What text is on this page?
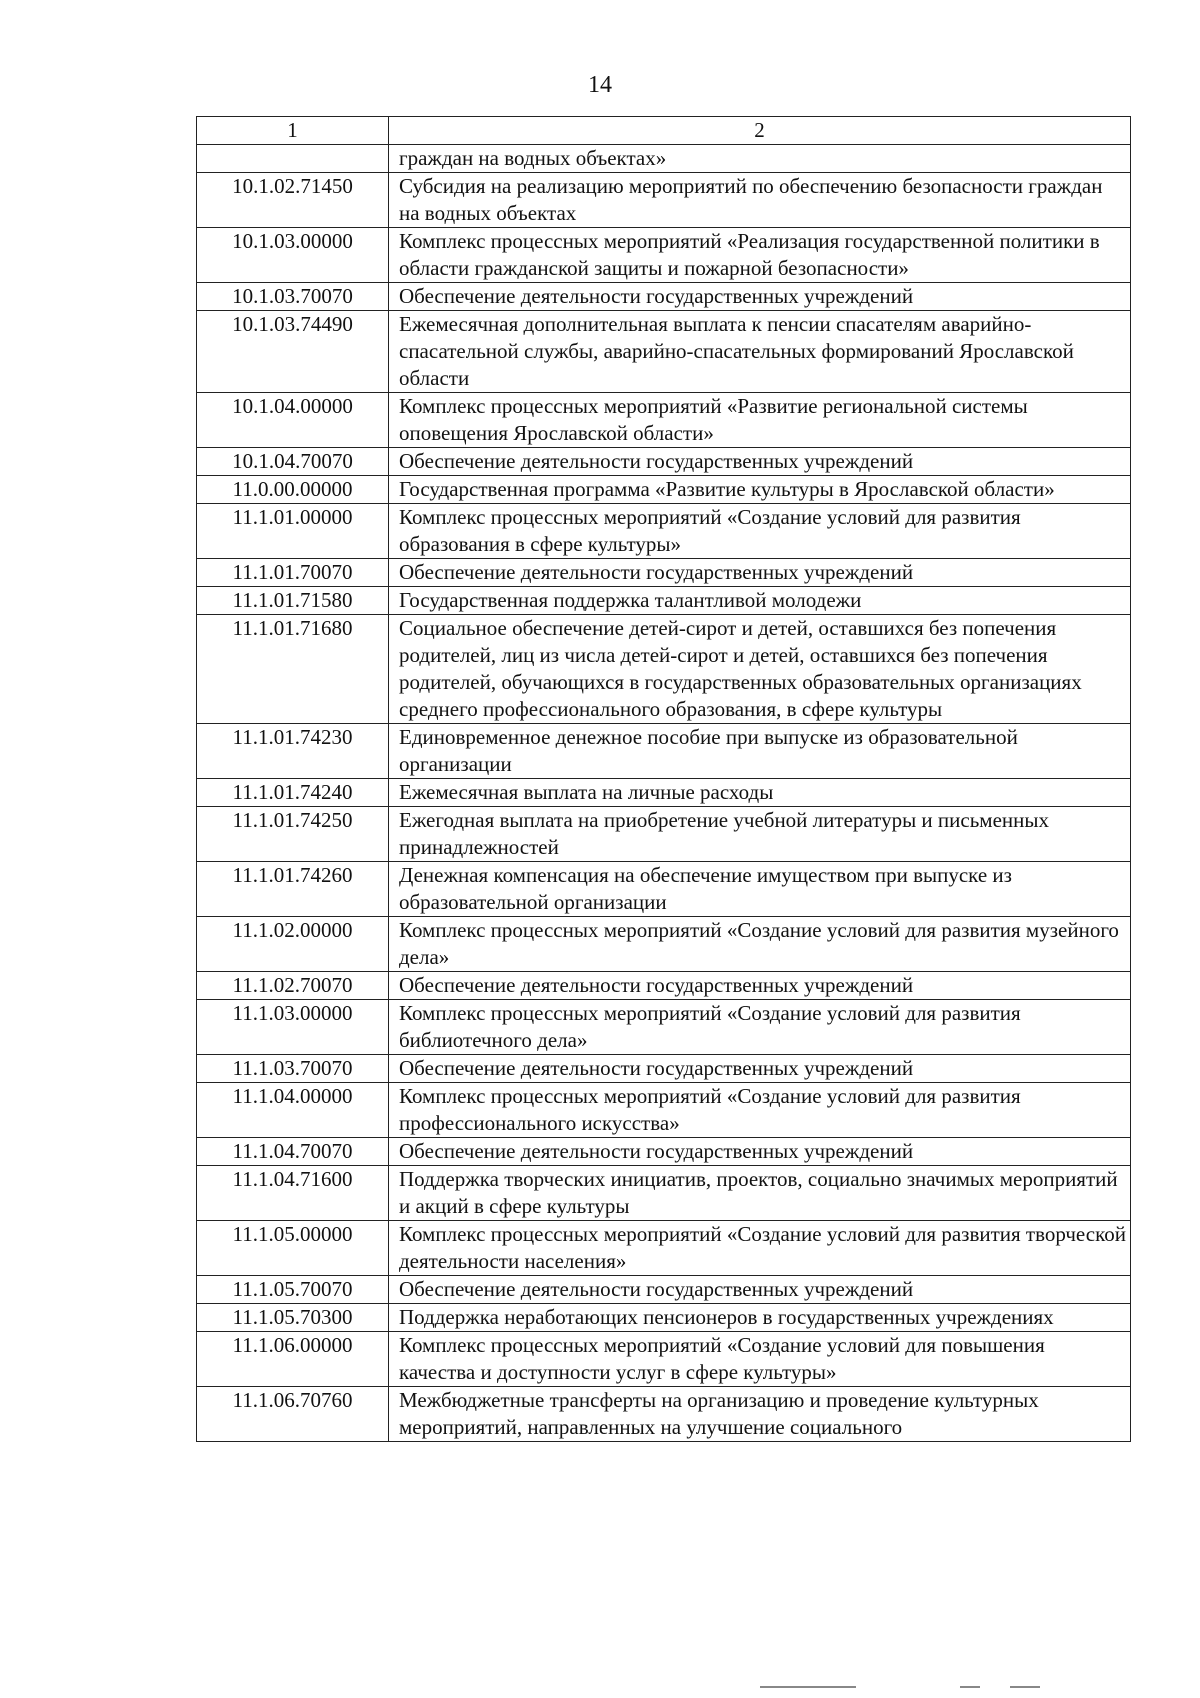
14
1	2
	граждан на водных объектах»
10.1.02.71450	Субсидия на реализацию мероприятий по обеспечению безопасности граждан на водных объектах
10.1.03.00000	Комплекс процессных мероприятий «Реализация государственной политики в области гражданской защиты и пожарной безопасности»
10.1.03.70070	Обеспечение деятельности государственных учреждений
10.1.03.74490	Ежемесячная дополнительная выплата к пенсии спасателям аварийно-спасательной службы, аварийно-спасательных формирований Ярославской области
10.1.04.00000	Комплекс процессных мероприятий «Развитие региональной системы оповещения Ярославской области»
10.1.04.70070	Обеспечение деятельности государственных учреждений
11.0.00.00000	Государственная программа «Развитие культуры в Ярославской области»
11.1.01.00000	Комплекс процессных мероприятий «Создание условий для развития образования в сфере культуры»
11.1.01.70070	Обеспечение деятельности государственных учреждений
11.1.01.71580	Государственная поддержка талантливой молодежи
11.1.01.71680	Социальное обеспечение детей-сирот и детей, оставшихся без попечения родителей, лиц из числа детей-сирот и детей, оставшихся без попечения родителей, обучающихся в государственных образовательных организациях среднего профессионального образования, в сфере культуры
11.1.01.74230	Единовременное денежное пособие при выпуске из образовательной организации
11.1.01.74240	Ежемесячная выплата на личные расходы
11.1.01.74250	Ежегодная выплата на приобретение учебной литературы и письменных принадлежностей
11.1.01.74260	Денежная компенсация на обеспечение имуществом при выпуске из образовательной организации
11.1.02.00000	Комплекс процессных мероприятий «Создание условий для развития музейного дела»
11.1.02.70070	Обеспечение деятельности государственных учреждений
11.1.03.00000	Комплекс процессных мероприятий «Создание условий для развития библиотечного дела»
11.1.03.70070	Обеспечение деятельности государственных учреждений
11.1.04.00000	Комплекс процессных мероприятий «Создание условий для развития профессионального искусства»
11.1.04.70070	Обеспечение деятельности государственных учреждений
11.1.04.71600	Поддержка творческих инициатив, проектов, социально значимых мероприятий и акций в сфере культуры
11.1.05.00000	Комплекс процессных мероприятий «Создание условий для развития творческой деятельности населения»
11.1.05.70070	Обеспечение деятельности государственных учреждений
11.1.05.70300	Поддержка неработающих пенсионеров в государственных учреждениях
11.1.06.00000	Комплекс процессных мероприятий «Создание условий для повышения качества и доступности услуг в сфере культуры»
11.1.06.70760	Межбюджетные трансферты на организацию и проведение культурных мероприятий, направленных на улучшение социального
